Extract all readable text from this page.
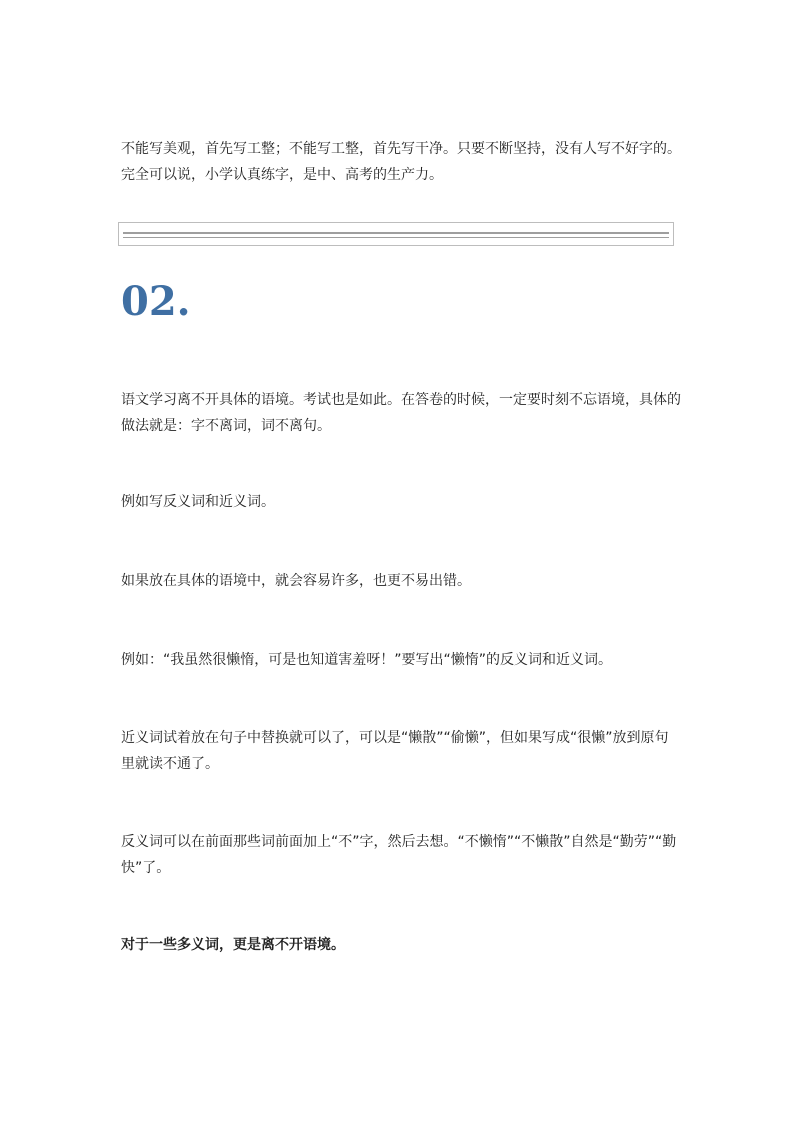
不能写美观，首先写工整；不能写工整，首先写干净。只要不断坚持，没有人写不好字的。完全可以说，小学认真练字，是中、高考的生产力。

02.

语文学习离不开具体的语境。考试也是如此。在答卷的时候，一定要时刻不忘语境，具体的做法就是：字不离词，词不离句。

例如写反义词和近义词。

如果放在具体的语境中，就会容易许多，也更不易出错。

例如：“我虽然很懒惰，可是也知道害羞呀！”要写出“懒惰”的反义词和近义词。

近义词试着放在句子中替换就可以了，可以是“懒散”“偷懒”，但如果写成“很懒”放到原句里就读不通了。

反义词可以在前面那些词前面加上“不”字，然后去想。“不懒惰”“不懒散”自然是“勤劳”“勤快”了。

对于一些多义词，更是离不开语境。
